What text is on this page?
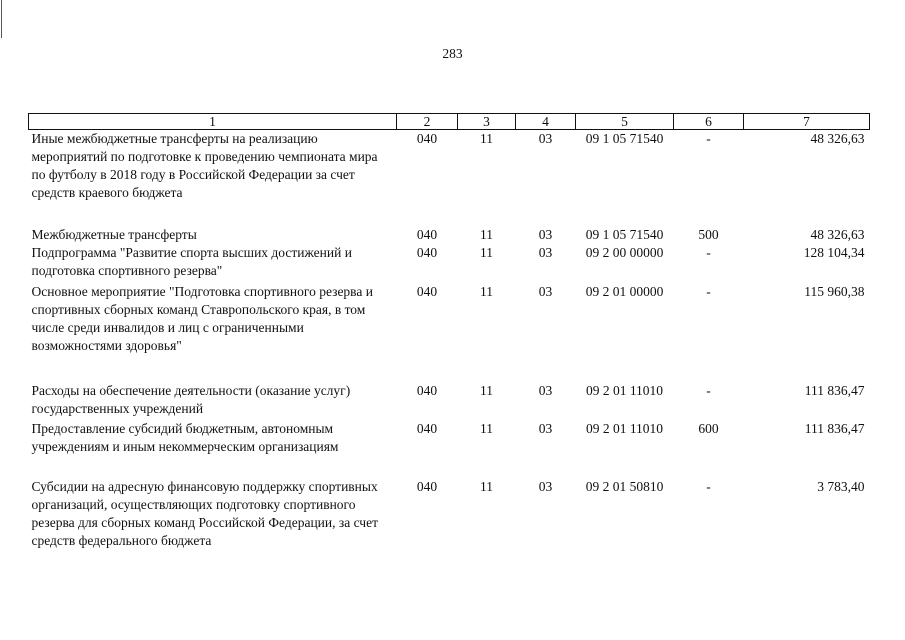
283
1	2	3	4	5	6	7
Иные межбюджетные трансферты на реализацию мероприятий по подготовке к проведению чемпионата мира по футболу в 2018 году в Российской Федерации за счет средств краевого бюджета	040	11	03	09 1 05 71540	-	48 326,63
Межбюджетные трансферты	040	11	03	09 1 05 71540	500	48 326,63
Подпрограмма "Развитие спорта высших достижений и подготовка спортивного резерва"	040	11	03	09 2 00 00000	-	128 104,34
Основное мероприятие "Подготовка спортивного резерва и спортивных сборных команд Ставропольского края, в том числе среди инвалидов и лиц с ограниченными возможностями здоровья"	040	11	03	09 2 01 00000	-	115 960,38
Расходы на обеспечение деятельности (оказание услуг) государственных учреждений	040	11	03	09 2 01 11010	-	111 836,47
Предоставление субсидий бюджетным, автономным учреждениям и иным некоммерческим организациям	040	11	03	09 2 01 11010	600	111 836,47
Субсидии на адресную финансовую поддержку спортивных организаций, осуществляющих подготовку спортивного резерва для сборных команд Российской Федерации, за счет средств федерального бюджета	040	11	03	09 2 01 50810	-	3 783,40
